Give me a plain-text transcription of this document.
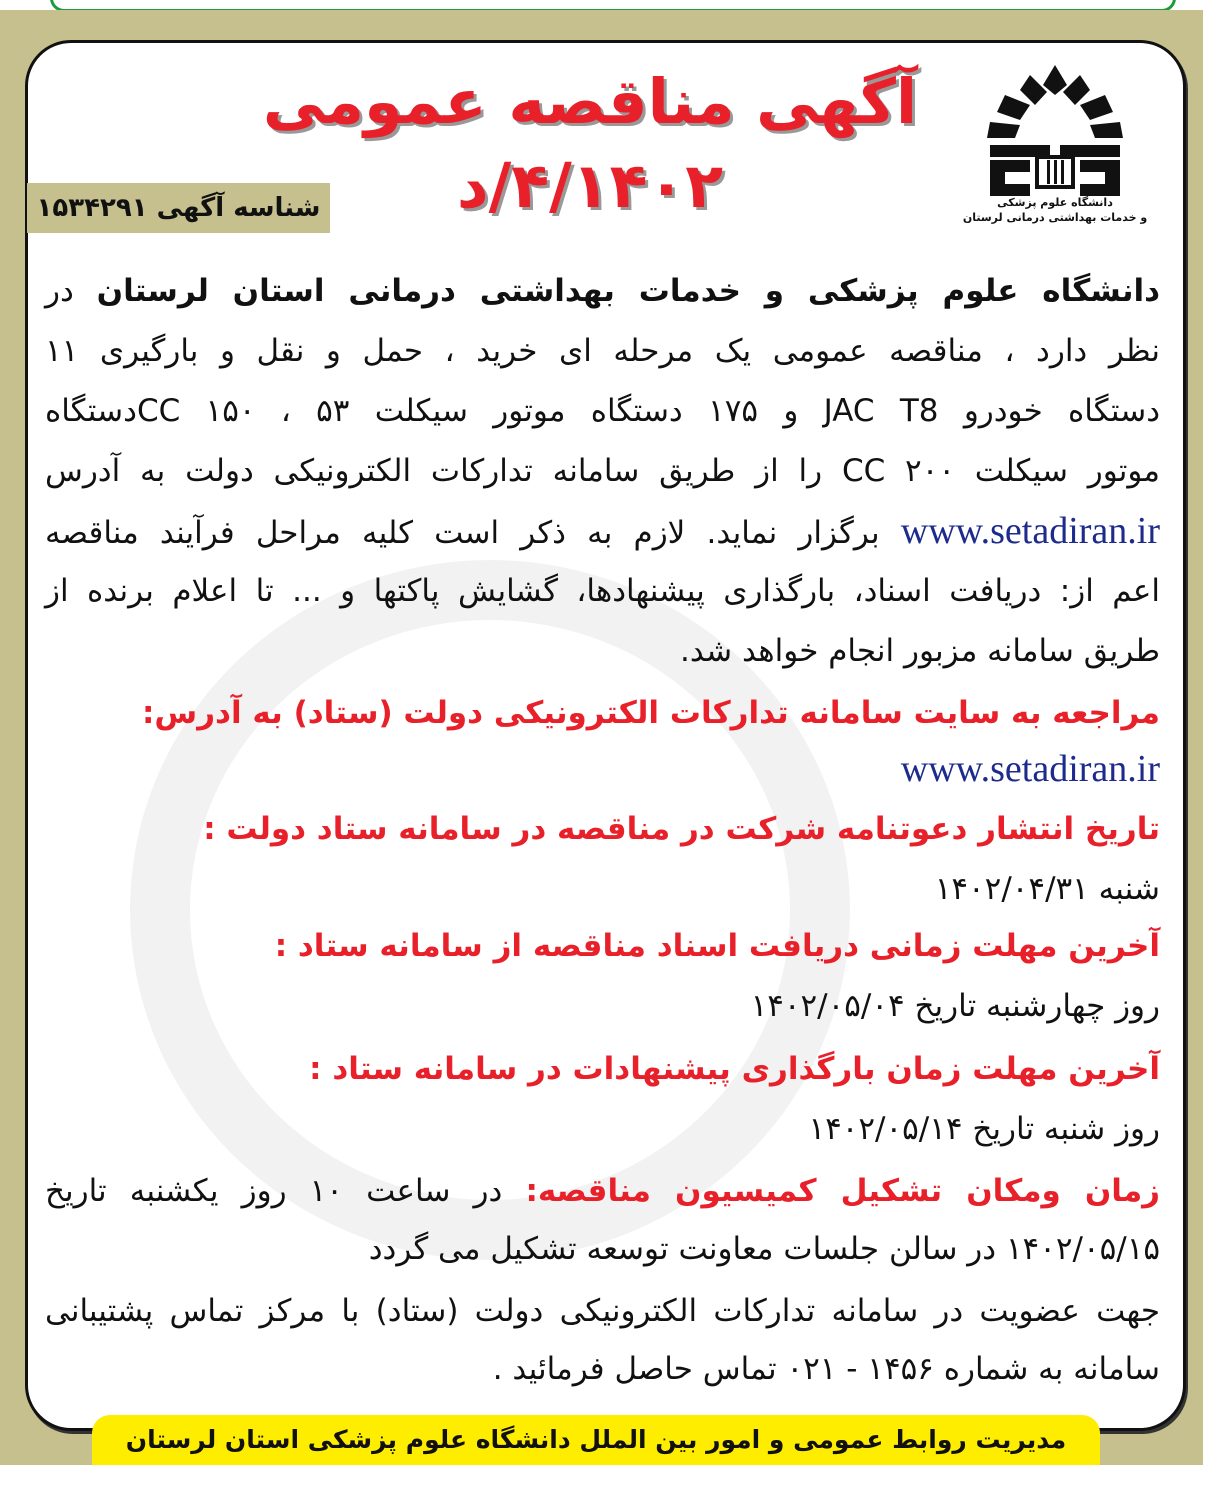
دانشگاه علوم پزشکی
و خدمات بهداشتی درمانی لرستان
آگهی مناقصه عمومی
۴/۱۴۰۲/د
شناسه آگهی ۱۵۳۴۲۹۱
دانشگاه علوم پزشکی و خدمات بهداشتی درمانی استان لرستان در
نظر دارد ، مناقصه عمومی یک مرحله ای خرید ، حمل و نقل و بارگیری ۱۱
دستگاه خودرو JAC T8 و ۱۷۵ دستگاه موتور سیکلت CC ۱۵۰ ، ۵۳دستگاه
موتور سیکلت CC ۲۰۰ را از طریق سامانه تدارکات الکترونیکی دولت به آدرس
www.setadiran.ir برگزار نماید. لازم به ذکر است کلیه مراحل فرآیند مناقصه
اعم از: دریافت اسناد، بارگذاری پیشنهادها، گشایش پاکتها و ... تا اعلام برنده از
طریق سامانه مزبور انجام خواهد شد.
مراجعه به سایت سامانه تدارکات الکترونیکی دولت (ستاد) به آدرس:
www.setadiran.ir
تاریخ انتشار دعوتنامه شرکت در مناقصه در سامانه ستاد دولت :
شنبه ۱۴۰۲/۰۴/۳۱
آخرین مهلت زمانی دریافت اسناد مناقصه از سامانه ستاد :
روز چهارشنبه تاریخ ۱۴۰۲/۰۵/۰۴
آخرین مهلت زمان بارگذاری پیشنهادات در سامانه ستاد :
روز شنبه تاریخ ۱۴۰۲/۰۵/۱۴
زمان ومکان تشکیل کمیسیون مناقصه: در ساعت ۱۰ روز یکشنبه تاریخ
۱۴۰۲/۰۵/۱۵ در سالن جلسات معاونت توسعه تشکیل می گردد
جهت عضویت در سامانه تدارکات الکترونیکی دولت (ستاد) با مرکز تماس پشتیبانی
سامانه به شماره ۱۴۵۶ - ۰۲۱ تماس حاصل فرمائید .
مدیریت روابط عمومی و امور بین الملل دانشگاه علوم پزشکی استان لرستان
